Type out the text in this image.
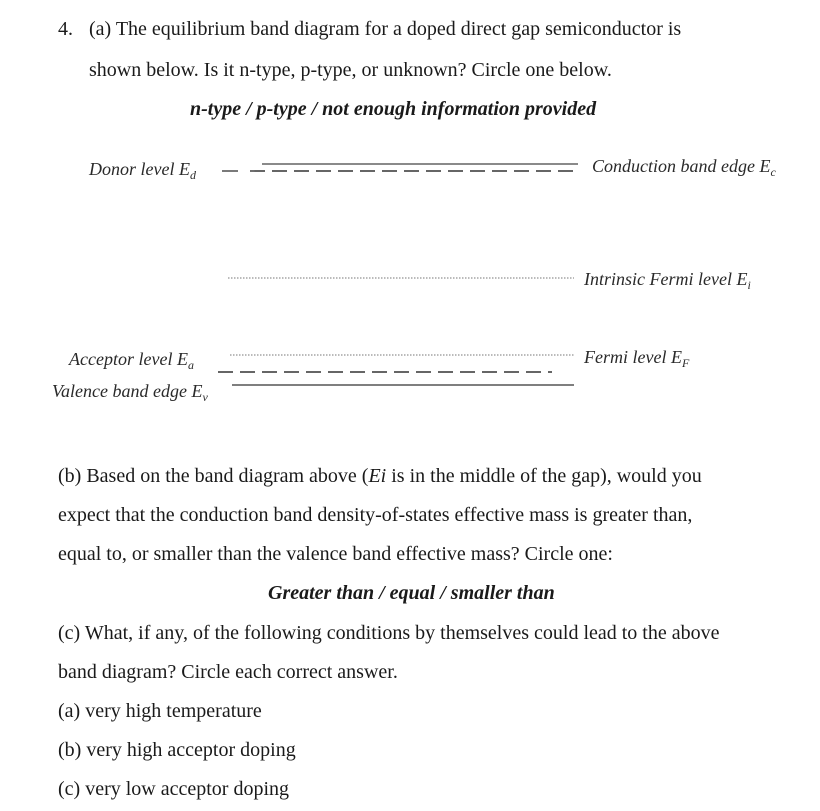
4. (a) The equilibrium band diagram for a doped direct gap semiconductor is
shown below. Is it n-type, p-type, or unknown? Circle one below.
n-type / p-type / not enough information provided
Donor level $E_d$	Conduction band edge $E_c$
Intrinsic Fermi level $E_i$
Acceptor level $E_a$	Fermi level $E_F$
Valence band edge $E_v$
(b) Based on the band diagram above (Ei is in the middle of the gap), would you
expect that the conduction band density-of-states effective mass is greater than,
equal to, or smaller than the valence band effective mass? Circle one:
Greater than / equal / smaller than
(c) What, if any, of the following conditions by themselves could lead to the above
band diagram? Circle each correct answer.
(a) very high temperature
(b) very high acceptor doping
(c) very low acceptor doping
